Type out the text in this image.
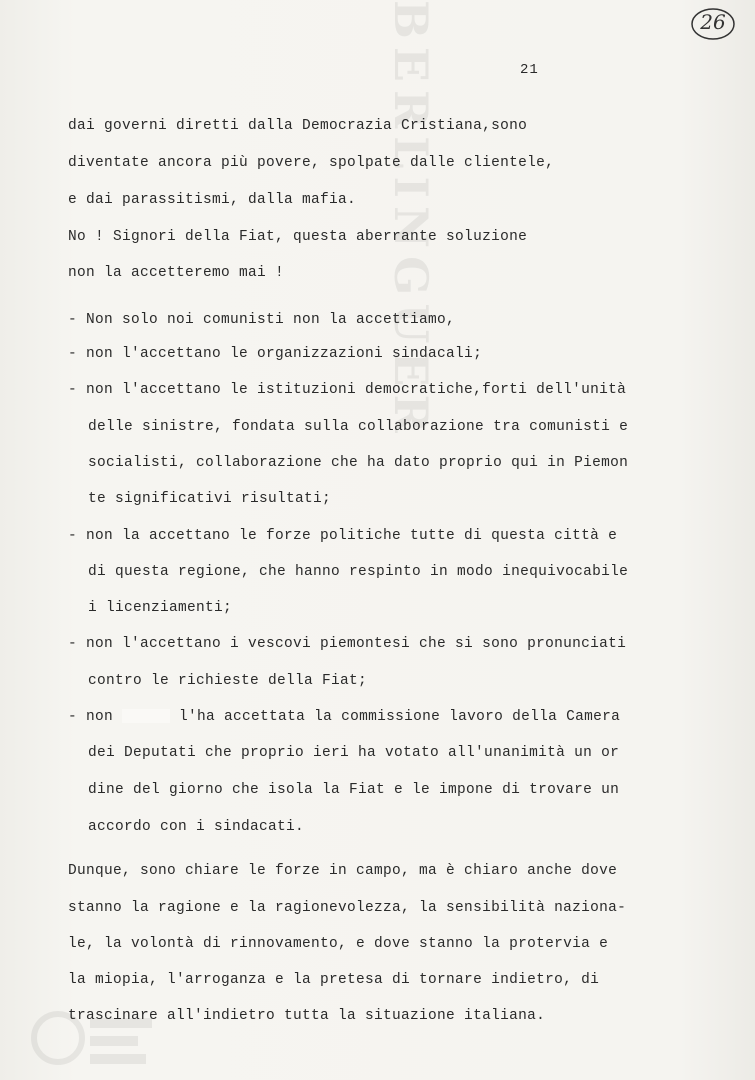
BERLINGUER	26
21
dai governi diretti dalla Democrazia Cristiana,sono
diventate ancora più povere, spolpate dalle clientele,
e dai parassitismi, dalla mafia.
No ! Signori della Fiat, questa aberrante soluzione
non la accetteremo mai !
- Non solo noi comunisti non la accettiamo,
- non l'accettano le organizzazioni sindacali;
- non l'accettano le istituzioni democratiche,forti dell'unità
delle sinistre, fondata sulla collaborazione tra comunisti e
socialisti, collaborazione che ha dato proprio qui in Piemon
te significativi risultati;
- non la accettano le forze politiche tutte di questa città e
di questa regione, che hanno respinto in modo inequivocabile
i licenziamenti;
- non l'accettano i vescovi piemontesi che si sono pronunciati
contro le richieste della Fiat;
- non	l'ha accettata la commissione lavoro della Camera
dei Deputati che proprio ieri ha votato all'unanimità un or
dine del giorno che isola la Fiat e le impone di trovare un
accordo con i sindacati.
Dunque, sono chiare le forze in campo, ma è chiaro anche dove
stanno la ragione e la ragionevolezza, la sensibilità naziona-
le, la volontà di rinnovamento, e dove stanno la protervia e
la miopia, l'arroganza e la pretesa di tornare indietro, di
trascinare all'indietro tutta la situazione italiana.
